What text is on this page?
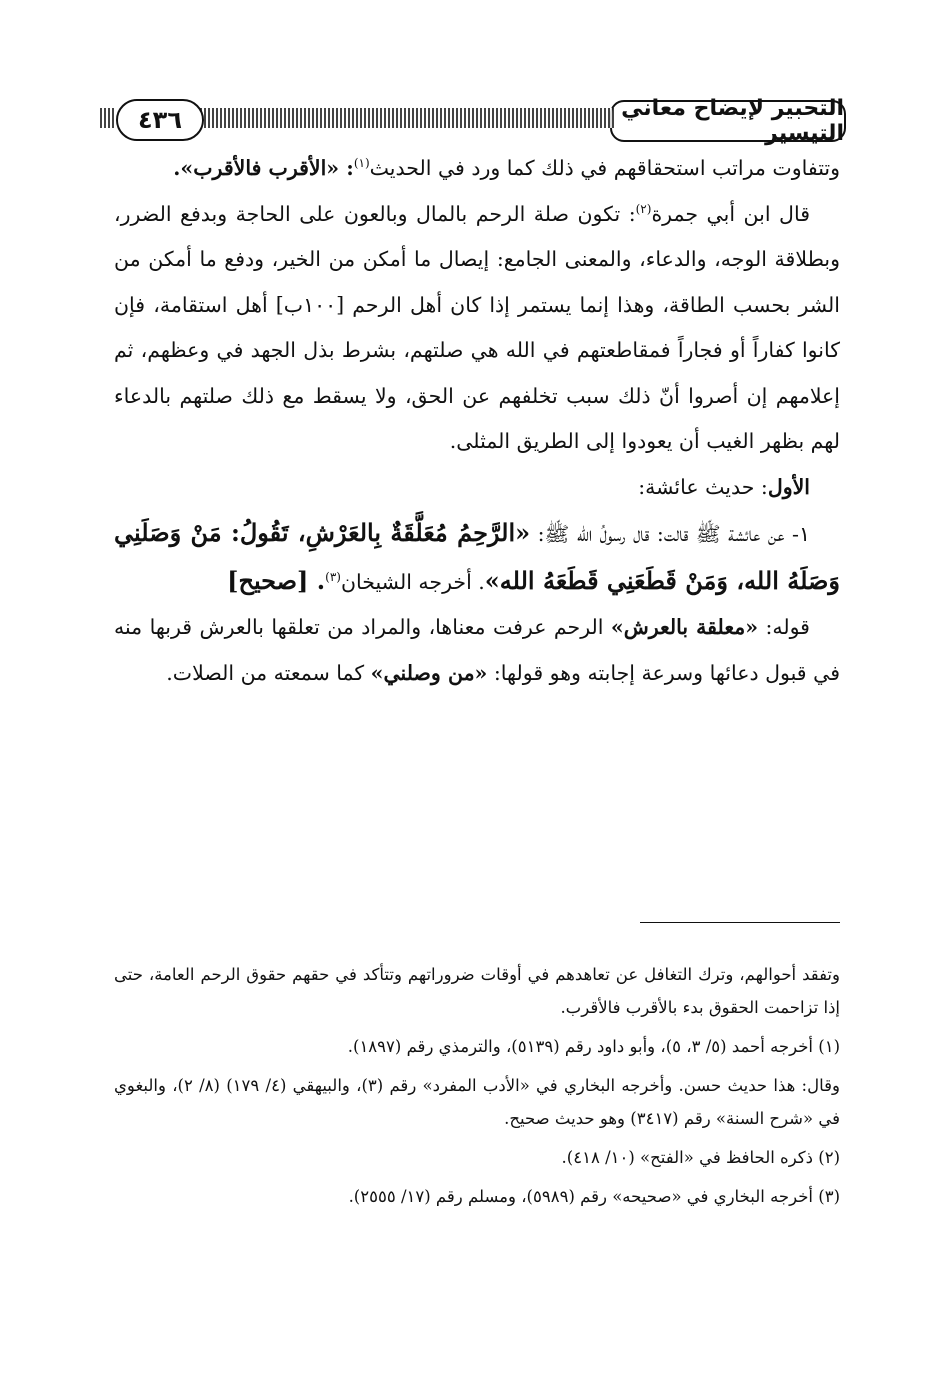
التحبير لإيضاح معاني التيسير
٤٣٦

وتتفاوت مراتب استحقاقهم في ذلك كما ورد في الحديث$^{(١)}$: «الأقرب فالأقرب».

قال ابن أبي جمرة$^{(٢)}$: تكون صلة الرحم بالمال وبالعون على الحاجة وبدفع الضرر، وبطلاقة الوجه، والدعاء، والمعنى الجامع: إيصال ما أمكن من الخير، ودفع ما أمكن من الشر بحسب الطاقة، وهذا إنما يستمر إذا كان أهل الرحم [١٠٠ب] أهل استقامة، فإن كانوا كفاراً أو فجاراً فمقاطعتهم في الله هي صلتهم، بشرط بذل الجهد في وعظهم، ثم إعلامهم إن أصروا أنّ ذلك سبب تخلفهم عن الحق، ولا يسقط مع ذلك صلتهم بالدعاء لهم بظهر الغيب أن يعودوا إلى الطريق المثلى.

الأول: حديث عائشة:

١- عن عائشة ﷺ قالت: قال رسولُ الله ﷺ: «الرَّحِمُ مُعَلَّقَةٌ بِالعَرْشِ، تَقُولُ: مَنْ وَصَلَنِي وَصَلَهُ الله، وَمَنْ قَطَعَنِي قَطَعَهُ الله». أخرجه الشيخان$^{(٣)}$. [صحيح]

قوله: «معلقة بالعرش» الرحم عرفت معناها، والمراد من تعلقها بالعرش قربها منه في قبول دعائها وسرعة إجابته وهو قولها: «من وصلني» كما سمعته من الصلات.

وتفقد أحوالهم، وترك التغافل عن تعاهدهم في أوقات ضروراتهم وتتأكد في حقهم حقوق الرحم العامة، حتى إذا تزاحمت الحقوق بدء بالأقرب فالأقرب.

(١) أخرجه أحمد (٥/ ٣، ٥)، وأبو داود رقم (٥١٣٩)، والترمذي رقم (١٨٩٧).

وقال: هذا حديث حسن. وأخرجه البخاري في «الأدب المفرد» رقم (٣)، والبيهقي (٤/ ١٧٩) (٨/ ٢)، والبغوي في «شرح السنة» رقم (٣٤١٧) وهو حديث صحيح.

(٢) ذكره الحافظ في «الفتح» (١٠/ ٤١٨).

(٣) أخرجه البخاري في «صحيحه» رقم (٥٩٨٩)، ومسلم رقم (١٧/ ٢٥٥٥).
